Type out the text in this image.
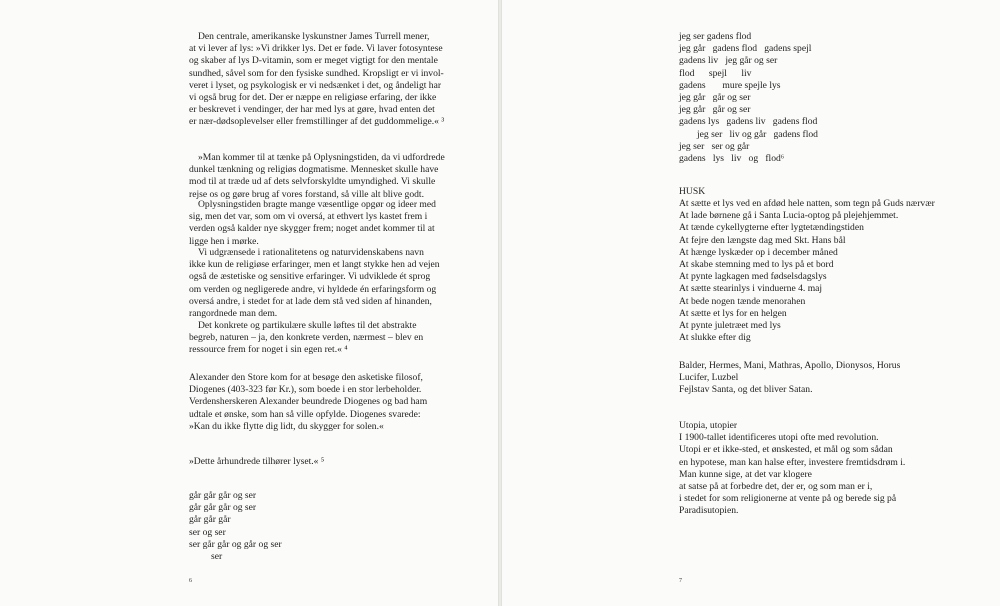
Den centrale, amerikanske lyskunstner James Turrell mener,
at vi lever af lys: »Vi drikker lys. Det er føde. Vi laver fotosyntese
og skaber af lys D-vitamin, som er meget vigtigt for den mentale
sundhed, såvel som for den fysiske sundhed. Kropsligt er vi invol-
veret i lyset, og psykologisk er vi nedsænket i det, og åndeligt har
vi også brug for det. Der er næppe en religiøse erfaring, der ikke
er beskrevet i vendinger, der har med lys at gøre, hvad enten det
er nær-dødsoplevelser eller fremstillinger af det guddommelige.« ³
»Man kommer til at tænke på Oplysningstiden, da vi udfordrede
dunkel tænkning og religiøs dogmatisme. Mennesket skulle have
mod til at træde ud af dets selvforskyldte umyndighed. Vi skulle
rejse os og gøre brug af vores forstand, så ville alt blive godt.
Oplysningstiden bragte mange væsentlige opgør og ideer med
sig, men det var, som om vi oversá, at ethvert lys kastet frem i
verden også kalder nye skygger frem; noget andet kommer til at
ligge hen i mørke.
Vi udgrænsede i rationalitetens og naturvidenskabens navn
ikke kun de religiøse erfaringer, men et langt stykke hen ad vejen
også de æstetiske og sensitive erfaringer. Vi udviklede ét sprog
om verden og negligerede andre, vi hyldede én erfaringsform og
oversá andre, i stedet for at lade dem stå ved siden af hinanden,
rangordnede man dem.
Det konkrete og partikulære skulle løftes til det abstrakte
begreb, naturen – ja, den konkrete verden, nærmest – blev en
ressource frem for noget i sin egen ret.« ⁴
Alexander den Store kom for at besøge den asketiske filosof,
Diogenes (403-323 før Kr.), som boede i en stor lerbeholder.
Verdensherskeren Alexander beundrede Diogenes og bad ham
udtale et ønske, som han så ville opfylde. Diogenes svarede:
»Kan du ikke flytte dig lidt, du skygger for solen.«
»Dette århundrede tilhører lyset.« ⁵
går går går og ser
går går går og ser
går går går
ser og ser
ser går går og går og ser
ser
6
jeg ser gadens flod
jeg går   gadens flod   gadens spejl
gadens liv   jeg går og ser
flod      spejl      liv
gadens       mure spejle lys
jeg går   går og ser
jeg går   går og ser
gadens lys   gadens liv   gadens flod
jeg ser   liv og går   gadens flod
jeg ser   ser og går
gadens   lys   liv   og   flod⁶
HUSK
At sætte et lys ved en afdød hele natten, som tegn på Guds nærvær
At lade børnene gå i Santa Lucia-optog på plejehjemmet.
At tænde cykellygterne efter lygtetændingstiden
At fejre den længste dag med Skt. Hans bål
At hænge lyskæder op i december måned
At skabe stemning med to lys på et bord
At pynte lagkagen med fødselsdagslys
At sætte stearinlys i vinduerne 4. maj
At bede nogen tænde menorahen
At sætte et lys for en helgen
At pynte juletræet med lys
At slukke efter dig
Balder, Hermes, Mani, Mathras, Apollo, Dionysos, Horus
Lucifer, Luzbel
Fejlstav Santa, og det bliver Satan.
Utopia, utopier
I 1900-tallet identificeres utopi ofte med revolution.
Utopi er et ikke-sted, et ønskested, et mål og som sådan
en hypotese, man kan halse efter, investere fremtidsdrøm i.
Man kunne sige, at det var klogere
at satse på at forbedre det, der er, og som man er i,
i stedet for som religionerne at vente på og berede sig på
Paradisutopien.
7
